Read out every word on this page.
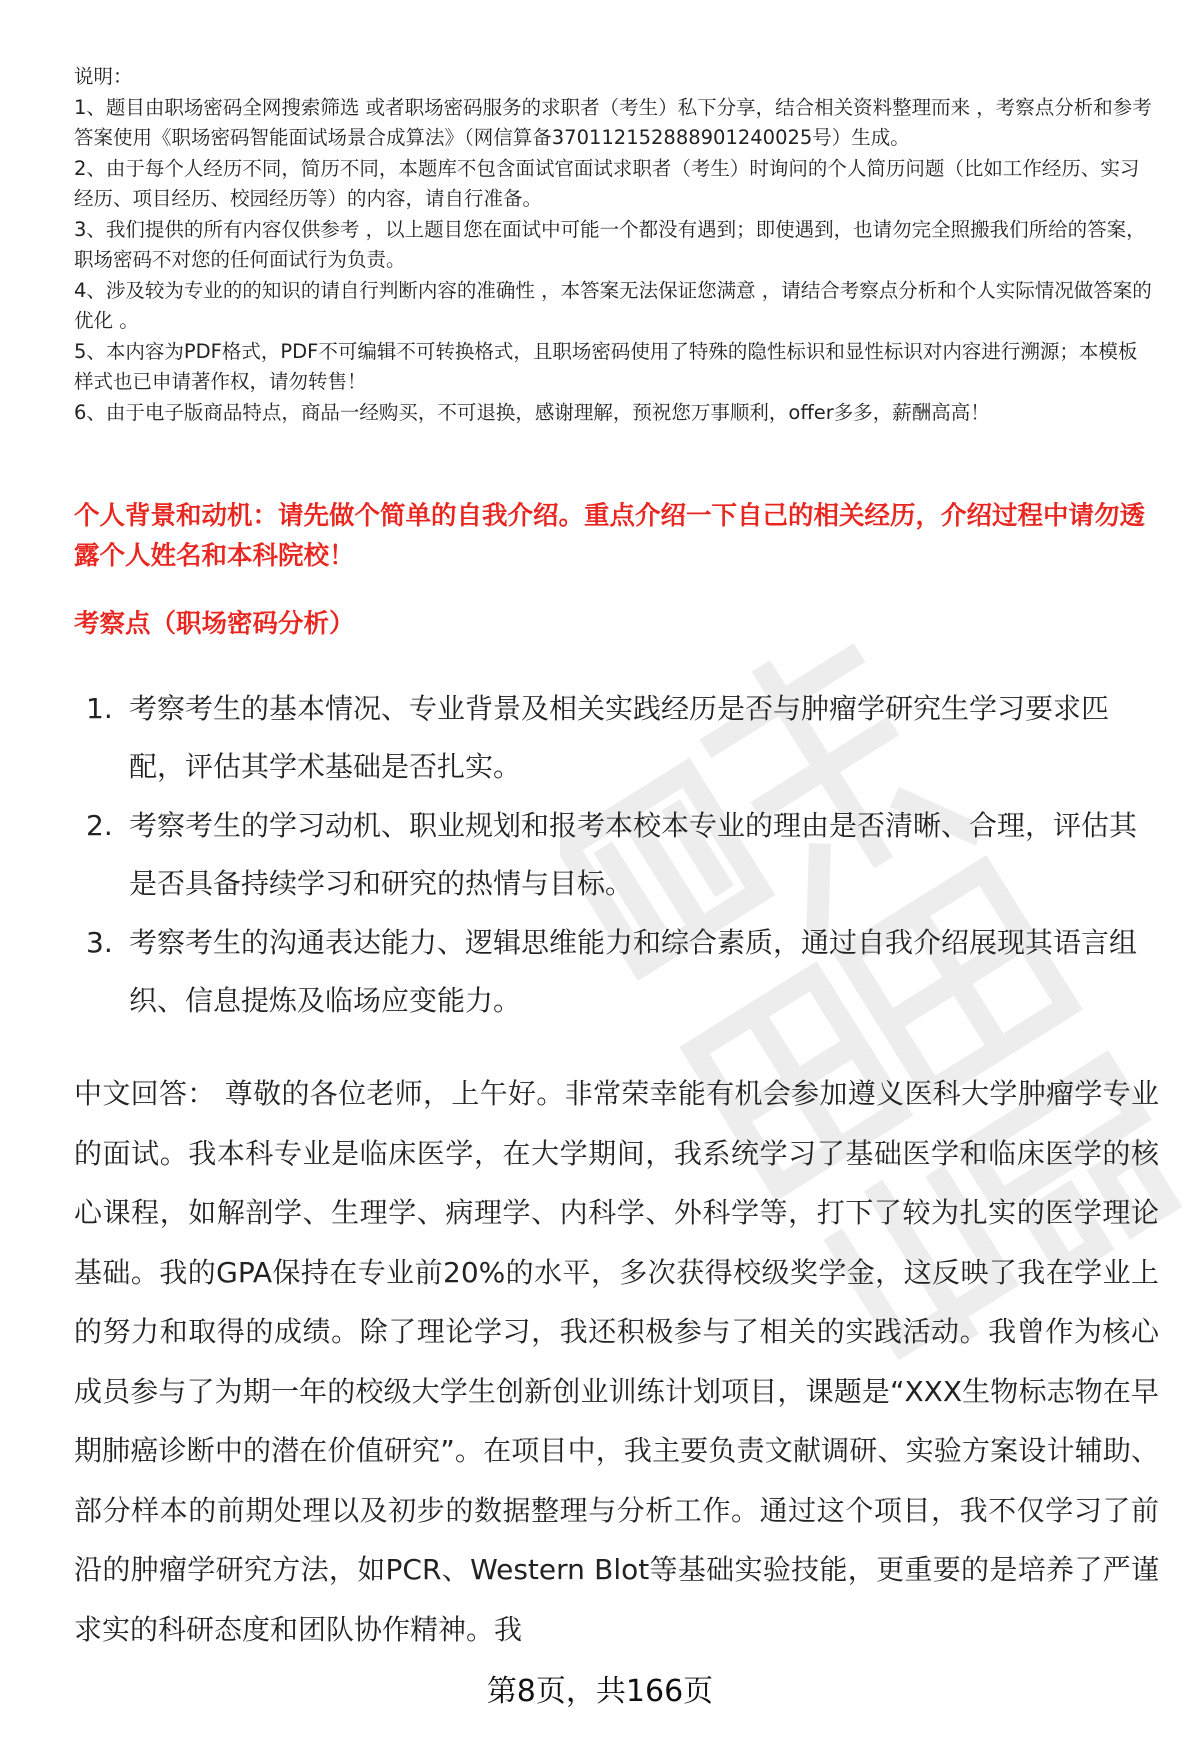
说明：

1、题目由职场密码全网搜索筛选 或者职场密码服务的求职者（考生）私下分享，结合相关资料整理而来 ，考察点分析和参考答案使用《职场密码智能面试场景合成算法》（网信算备370112152888901240025号）生成。

2、由于每个人经历不同，简历不同，本题库不包含面试官面试求职者（考生）时询问的个人简历问题（比如工作经历、实习经历、项目经历、校园经历等）的内容，请自行准备。

3、我们提供的所有内容仅供参考 ，以上题目您在面试中可能一个都没有遇到；即使遇到，也请勿完全照搬我们所给的答案，职场密码不对您的任何面试行为负责。

4、涉及较为专业的的知识的请自行判断内容的准确性 ，本答案无法保证您满意 ，请结合考察点分析和个人实际情况做答案的优化 。

5、本内容为PDF格式，PDF不可编辑不可转换格式，且职场密码使用了特殊的隐性标识和显性标识对内容进行溯源；本模板样式也已申请著作权，请勿转售！

6、由于电子版商品特点，商品一经购买，不可退换，感谢理解，预祝您万事顺利，offer多多，薪酬高高！

个人背景和动机：请先做个简单的自我介绍。重点介绍一下自己的相关经历，介绍过程中请勿透露个人姓名和本科院校！

考察点（职场密码分析）

1. 考察考生的基本情况、专业背景及相关实践经历是否与肿瘤学研究生学习要求匹配，评估其学术基础是否扎实。
2. 考察考生的学习动机、职业规划和报考本校本专业的理由是否清晰、合理，评估其是否具备持续学习和研究的热情与目标。
3. 考察考生的沟通表达能力、逻辑思维能力和综合素质，通过自我介绍展现其语言组织、信息提炼及临场应变能力。

中文回答： 尊敬的各位老师，上午好。非常荣幸能有机会参加遵义医科大学肿瘤学专业的面试。我本科专业是临床医学，在大学期间，我系统学习了基础医学和临床医学的核心课程，如解剖学、生理学、病理学、内科学、外科学等，打下了较为扎实的医学理论基础。我的GPA保持在专业前20%的水平，多次获得校级奖学金，这反映了我在学业上的努力和取得的成绩。除了理论学习，我还积极参与了相关的实践活动。我曾作为核心成员参与了为期一年的校级大学生创新创业训练计划项目，课题是“XXX生物标志物在早期肺癌诊断中的潜在价值研究”。在项目中，我主要负责文献调研、实验方案设计辅助、部分样本的前期处理以及初步的数据整理与分析工作。通过这个项目，我不仅学习了前沿的肿瘤学研究方法，如PCR、Western Blot等基础实验技能，更重要的是培养了严谨求实的科研态度和团队协作精神。我

第8页，共166页
